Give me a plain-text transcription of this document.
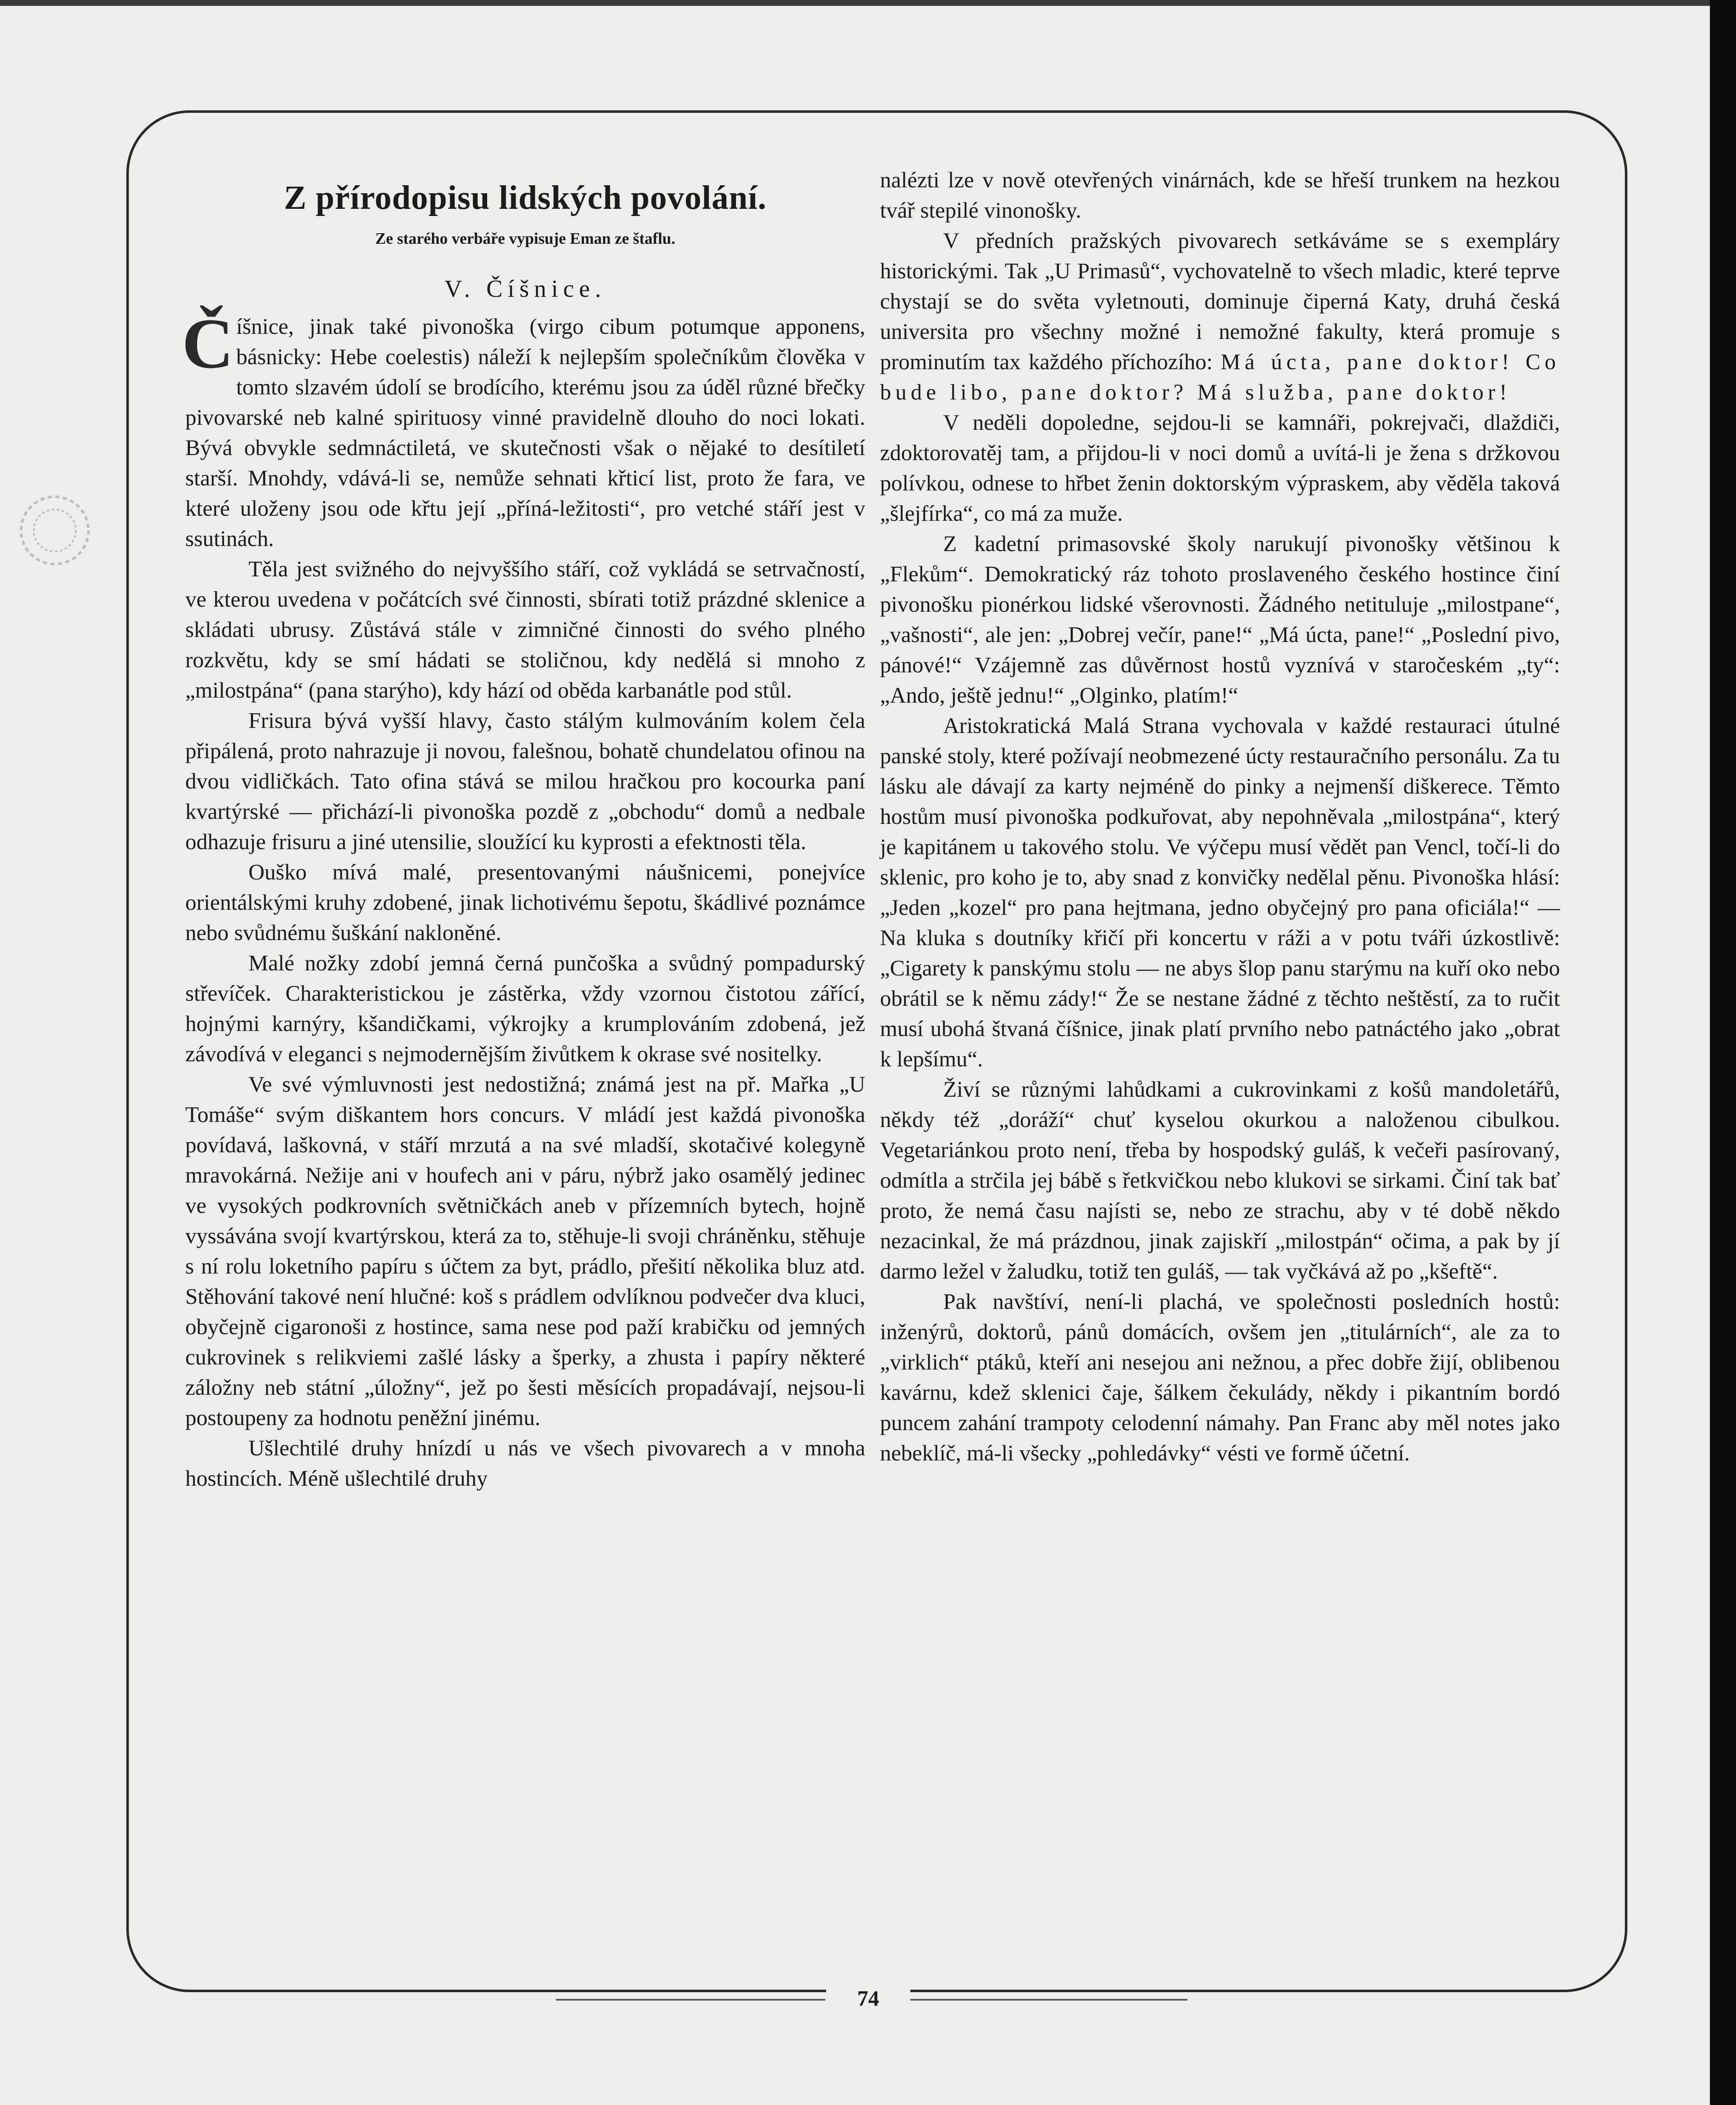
Z přírodopisu lidských povolání.
Ze starého verbáře vypisuje Eman ze štaflu.
V. Číšnice.

Číšnice, jinak také pivonoška (virgo cibum potumque apponens, básnicky: Hebe coelestis) náleží k nejlepším společníkům člověka v tomto slzavém údolí se brodícího, kterému jsou za úděl různé břečky pivovarské neb kalné spirituosy vinné pravidelně dlouho do noci lokati. Bývá obvykle sedmnáctiletá, ve skutečnosti však o nějaké to desítiletí starší. Mnohdy, vdává-li se, nemůže sehnati křticí list, proto že fara, ve které uloženy jsou ode křtu její „příná-ležitosti“, pro vetché stáří jest v ssutinách.

Těla jest svižného do nejvyššího stáří, což vykládá se setrvačností, ve kterou uvedena v počátcích své činnosti, sbírati totiž prázdné sklenice a skládati ubrusy. Zůstává stále v zimničné činnosti do svého plného rozkvětu, kdy se smí hádati se stoličnou, kdy nedělá si mnoho z „milostpána“ (pana starýho), kdy hází od oběda karbanátle pod stůl.

Frisura bývá vyšší hlavy, často stálým kulmováním kolem čela připálená, proto nahrazuje ji novou, falešnou, bohatě chundelatou ofinou na dvou vidličkách. Tato ofina stává se milou hračkou pro kocourka paní kvartýrské — přichází-li pivonoška pozdě z „obchodu“ domů a nedbale odhazuje frisuru a jiné utensilie, sloužící ku kyprosti a efektnosti těla.

Ouško mívá malé, presentovanými náušnicemi, ponejvíce orientálskými kruhy zdobené, jinak lichotivému šepotu, škádlivé poznámce nebo svůdnému šuškání nakloněné.

Malé nožky zdobí jemná černá punčoška a svůdný pompadurský střevíček. Charakteristickou je zástěrka, vždy vzornou čistotou zářící, hojnými karnýry, kšandičkami, výkrojky a krumplováním zdobená, jež závodívá v eleganci s nejmodernějším živůtkem k okrase své nositelky.

Ve své výmluvnosti jest nedostižná; známá jest na př. Mařka „U Tomáše“ svým diškantem hors concurs. V mládí jest každá pivonoška povídavá, laškovná, v stáří mrzutá a na své mladší, skotačivé kolegyně mravokárná. Nežije ani v houfech ani v páru, nýbrž jako osamělý jedinec ve vysokých podkrovních světničkách aneb v přízemních bytech, hojně vyssávána svojí kvartýrskou, která za to, stěhuje-li svoji chráněnku, stěhuje s ní rolu loketního papíru s účtem za byt, prádlo, přešití několika bluz atd. Stěhování takové není hlučné: koš s prádlem odvlíknou podvečer dva kluci, obyčejně cigaronoši z hostince, sama nese pod paží krabičku od jemných cukrovinek s relikviemi zašlé lásky a šperky, a zhusta i papíry některé záložny neb státní „úložny“, jež po šesti měsících propadávají, nejsou-li postoupeny za hodnotu peněžní jinému.

Ušlechtilé druhy hnízdí u nás ve všech pivovarech a v mnoha hostincích. Méně ušlechtilé druhy

nalézti lze v nově otevřených vinárnách, kde se hřeší trunkem na hezkou tvář stepilé vinonošky.

V předních pražských pivovarech setkáváme se s exempláry historickými. Tak „U Primasů“, vychovatelně to všech mladic, které teprve chystají se do světa vyletnouti, dominuje čiperná Katy, druhá česká universita pro všechny možné i nemožné fakulty, která promuje s prominutím tax každého příchozího: Má úcta, pane doktor! Co bude libo, pane doktor? Má služba, pane doktor!

V neděli dopoledne, sejdou-li se kamnáři, pokrejvači, dlaždiči, zdoktorovatěj tam, a přijdou-li v noci domů a uvítá-li je žena s držkovou polívkou, odnese to hřbet ženin doktorským výpraskem, aby věděla taková „šlejfírka“, co má za muže.

Z kadetní primasovské školy narukují pivonošky většinou k „Flekům“. Demokratický ráz tohoto proslaveného českého hostince činí pivonošku pionérkou lidské všerovnosti. Žádného netituluje „milostpane“, „vašnosti“, ale jen: „Dobrej večír, pane!“ „Má úcta, pane!“ „Poslední pivo, pánové!“ Vzájemně zas důvěrnost hostů vyznívá v staročeském „ty“: „Ando, ještě jednu!“ „Olginko, platím!“

Aristokratická Malá Strana vychovala v každé restauraci útulné panské stoly, které požívají neobmezené úcty restauračního personálu. Za tu lásku ale dávají za karty nejméně do pinky a nejmenší diškerece. Těmto hostům musí pivonoška podkuřovat, aby nepohněvala „milostpána“, který je kapitánem u takového stolu. Ve výčepu musí vědět pan Vencl, točí-li do sklenic, pro koho je to, aby snad z konvičky nedělal pěnu. Pivonoška hlásí: „Jeden „kozel“ pro pana hejtmana, jedno obyčejný pro pana oficiála!“ — Na kluka s doutníky křičí při koncertu v ráži a v potu tváři úzkostlivě: „Cigarety k panskýmu stolu — ne abys šlop panu starýmu na kuří oko nebo obrátil se k němu zády!“ Že se nestane žádné z těchto neštěstí, za to ručit musí ubohá štvaná číšnice, jinak platí prvního nebo patnáctého jako „obrat k lepšímu“.

Živí se různými lahůdkami a cukrovinkami z košů mandoletářů, někdy též „doráží“ chuť kyselou okurkou a naloženou cibulkou. Vegetariánkou proto není, třeba by hospodský guláš, k večeři pasírovaný, odmítla a strčila jej bábě s řetkvičkou nebo klukovi se sirkami. Činí tak bať proto, že nemá času najísti se, nebo ze strachu, aby v té době někdo nezacinkal, že má prázdnou, jinak zajiskří „milostpán“ očima, a pak by jí darmo ležel v žaludku, totiž ten guláš, — tak vyčkává až po „kšeftě“.

Pak navštíví, není-li plachá, ve společnosti posledních hostů: inženýrů, doktorů, pánů domácích, ovšem jen „titulárních“, ale za to „virklich“ ptáků, kteří ani nesejou ani nežnou, a přec dobře žijí, oblibenou kavárnu, kdež sklenici čaje, šálkem čekulády, někdy i pikantním bordó puncem zahání trampoty celodenní námahy. Pan Franc aby měl notes jako nebeklíč, má-li všecky „pohledávky“ vésti ve formě účetní.

74
